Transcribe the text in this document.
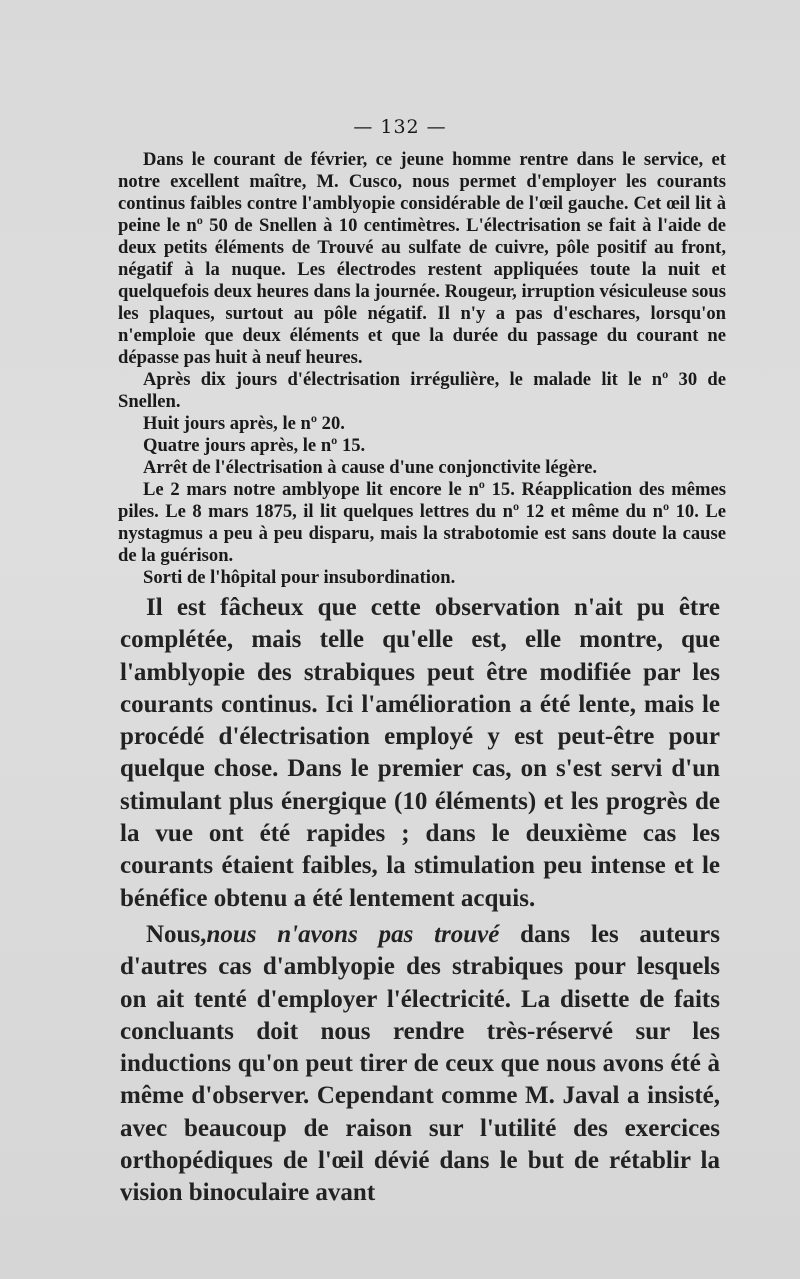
— 132 —

Dans le courant de février, ce jeune homme rentre dans le service, et notre excellent maître, M. Cusco, nous permet d'employer les courants continus faibles contre l'amblyopie considérable de l'œil gauche. Cet œil lit à peine le nº 50 de Snellen à 10 centimètres. L'électrisation se fait à l'aide de deux petits éléments de Trouvé au sulfate de cuivre, pôle positif au front, négatif à la nuque. Les électrodes restent appliquées toute la nuit et quelquefois deux heures dans la journée. Rougeur, irruption vésiculeuse sous les plaques, surtout au pôle négatif. Il n'y a pas d'eschares, lorsqu'on n'emploie que deux éléments et que la durée du passage du courant ne dépasse pas huit à neuf heures.

Après dix jours d'électrisation irrégulière, le malade lit le nº 30 de Snellen.

Huit jours après, le nº 20.

Quatre jours après, le nº 15.

Arrêt de l'électrisation à cause d'une conjonctivite légère.

Le 2 mars notre amblyope lit encore le nº 15. Réapplication des mêmes piles. Le 8 mars 1875, il lit quelques lettres du nº 12 et même du nº 10. Le nystagmus a peu à peu disparu, mais la strabotomie est sans doute la cause de la guérison.

Sorti de l'hôpital pour insubordination.

Il est fâcheux que cette observation n'ait pu être complétée, mais telle qu'elle est, elle montre, que l'amblyopie des strabiques peut être modifiée par les courants continus. Ici l'amélioration a été lente, mais le procédé d'électrisation employé y est peut-être pour quelque chose. Dans le premier cas, on s'est servi d'un stimulant plus énergique (10 éléments) et les progrès de la vue ont été rapides ; dans le deuxième cas les courants étaient faibles, la stimulation peu intense et le bénéfice obtenu a été lentement acquis.

Nous,nous n'avons pas trouvé dans les auteurs d'autres cas d'amblyopie des strabiques pour lesquels on ait tenté d'employer l'électricité. La disette de faits concluants doit nous rendre très-réservé sur les inductions qu'on peut tirer de ceux que nous avons été à même d'observer. Cependant comme M. Javal a insisté, avec beaucoup de raison sur l'utilité des exercices orthopédiques de l'œil dévié dans le but de rétablir la vision binoculaire avant
